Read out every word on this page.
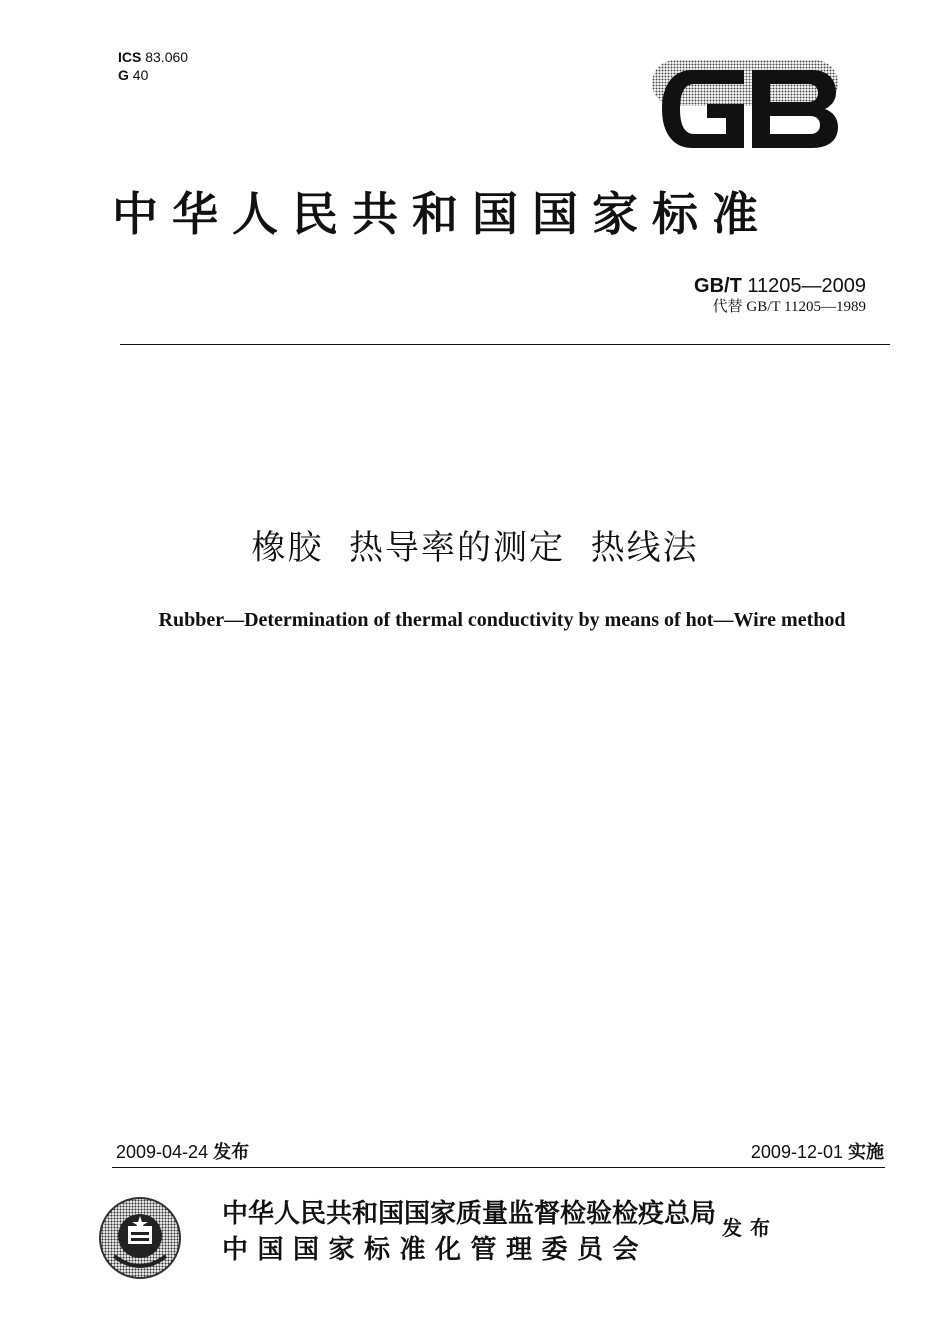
ICS 83.060
G 40
中华人民共和国国家标准
GB/T 11205—2009
代替 GB/T 11205—1989
橡胶  热导率的测定  热线法
Rubber—Determination of thermal conductivity by means of hot—Wire method
2009-04-24 发布	2009-12-01 实施
中华人民共和国国家质量监督检验检疫总局
中国国家标准化管理委员会
发布
